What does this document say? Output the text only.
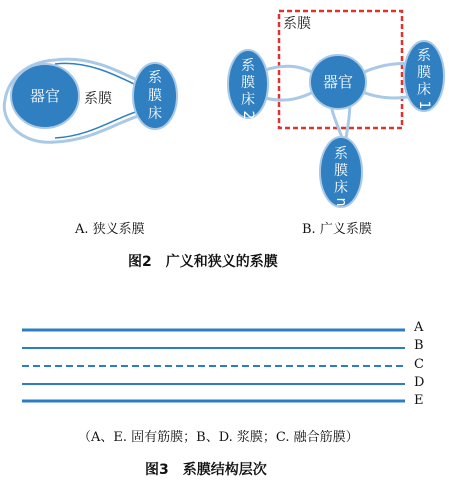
器官
系
膜
床
器官
系
膜
床
2
系
膜
床
1
系
膜
床
n
系膜
系膜
A. 狭义系膜	B. 广义系膜
图2　广义和狭义的系膜
A
B
C
D
E
（A、E. 固有筋膜；B、D. 浆膜；C. 融合筋膜）
图3　系膜结构层次
